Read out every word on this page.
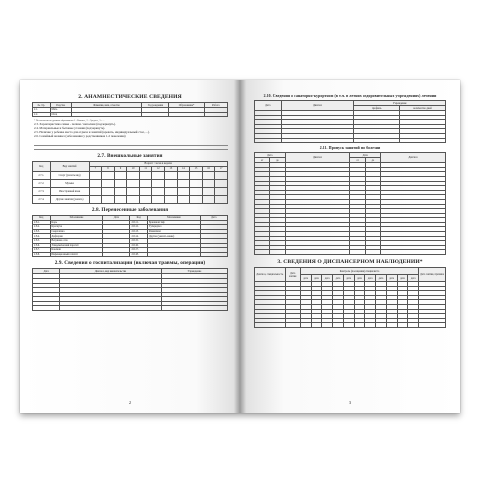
2. АНАМНЕСТИЧЕСКИЕ СВЕДЕНИЯ
№ стр.	Родство	Фамилия, имя, отчество	Год рождения	Образование*	Работа
2.1.	Мать				
2.2.	Отец				
* По аналогии по уровню образования 1 - Высшее, 2 - Среднее, 3 - ...
2.3. Характеристика семьи - полная / неполная (подчеркнуть).
2.4. Материальные и бытовые условия (подчеркнуть).
2.5. Наличие у ребенка места для отдыха и занятий (кровать, индивидуальный стол, ...).
2.6. Семейный анамнез (заболевания у родственников 1-2 поколения)
2.7. Внешкольные занятия
Код	Вид занятий	Возраст / часов в неделю										
		7	8	9	10	11	12	13	14	15	16	17
2.7.1.	Спорт (указать вид)											
2.7.2.	Музыка											
2.7.3.	Иностранный язык											
2.7.4.	Другие занятия (указать)											
2.8. Перенесенные заболевания
Код	Заболевание	Дата	Код	Заболевание	Дата
2.8.1.	Корь		2.8.11.	Брюшной тиф	
2.8.2.	Краснуха		2.8.12.	Туберкулез	
2.8.3.	Скарлатина		2.8.13.	Ревматизм	
2.8.4.	Дифтерия		2.8.14.	Другие (указать какие)	
2.8.5.	Ветряная оспа		2.8.15.		
2.8.6.	Эпидемический паротит		2.8.16.		
2.8.7.	Коклюш		2.8.17.		
2.8.8.	Инфекционный гепатит		2.8.18.		
2.9. Сведения о госпитализации (включая травмы, операции)
Дата	Диагноз, вид вмешательства	Учреждение

2
2.10. Сведения о санаторно-курортном (в т.ч. в летних оздоровительных учреждениях) лечении
Дата	Диагноз	Учреждение	
		профиль	количество дней

2.11. Пропуск занятий по болезни
Дата		Диагноз	Дата		Диагноз
от	до		от	до	

3. СВЕДЕНИЯ О ДИСПАНСЕРНОМ НАБЛЮДЕНИИ*
Диагноз, специальность	Дата взятия	Контроль (посещения) специалиста											Дата снятия, причина
		дата	дата	дата	дата	дата	дата	дата	дата	дата	дата	дата	

3
